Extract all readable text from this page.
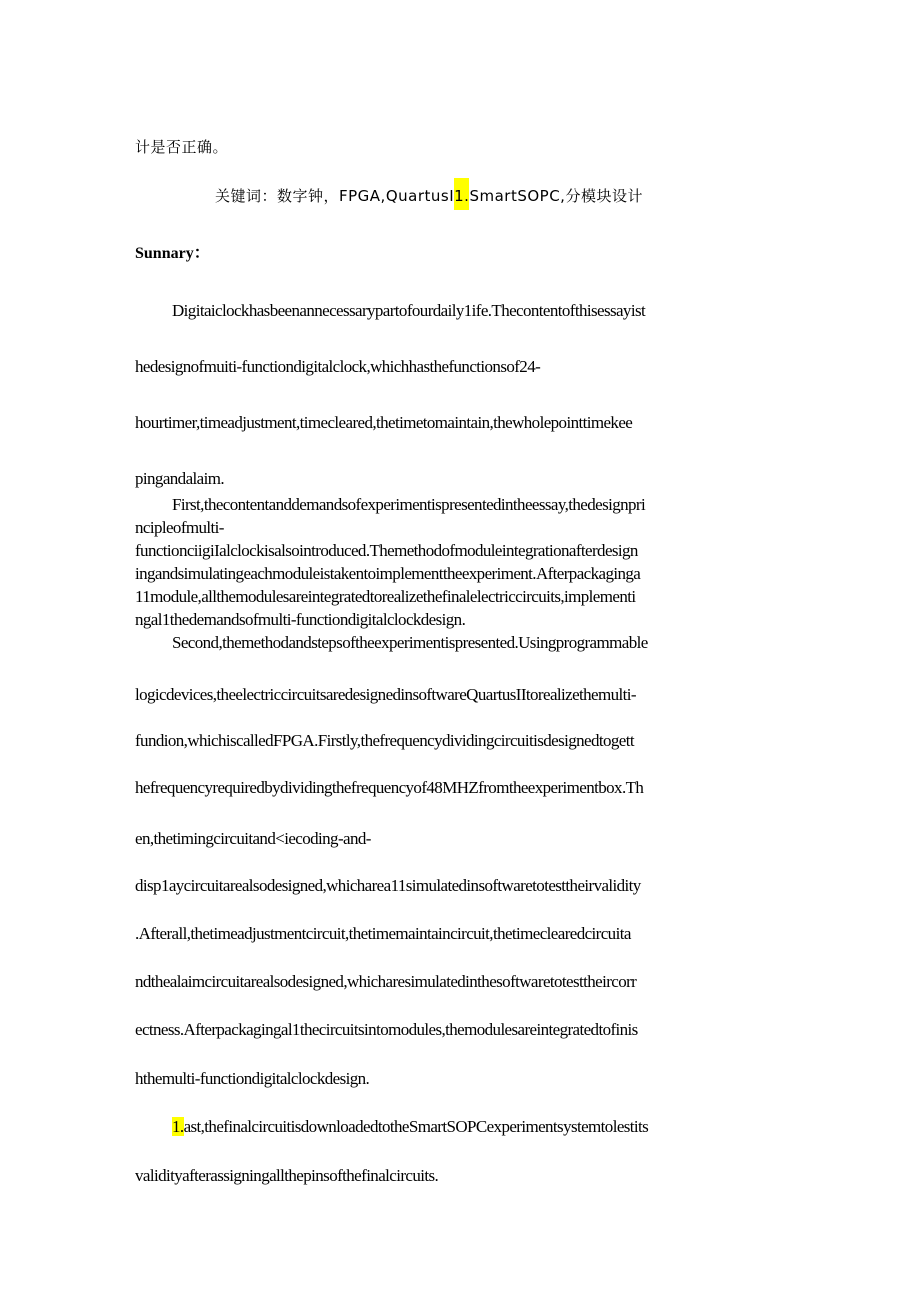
计是否正确。
关键词：数字钟，FPGA,QuartusI1.SmartSOPC,分模块设计
Sunnary：
Digitaiclockhasbeenannecessarypartofourdaily1ife.Thecontentofthisessayist
hedesignofmuiti-functiondigitalclock,whichhasthefunctionsof24-
hourtimer,timeadjustment,timecleared,thetimetomaintain,thewholepointtimekee
pingandalaim.
First,thecontentanddemandsofexperimentispresentedintheessay,thedesignpri
ncipleofmulti-
functionciigiIalclockisalsointroduced.Themethodofmoduleintegrationafterdesign
ingandsimulatingeachmoduleistakentoimplementtheexperiment.Afterpackaginga
11module,allthemodulesareintegratedtorealizethefinalelectriccircuits,implementi
ngal1thedemandsofmulti-functiondigitalclockdesign.
Second,themethodandstepsoftheexperimentispresented.Usingprogrammable
logicdevices,theelectriccircuitsaredesignedinsoftwareQuartusIItorealizethemulti-
fundion,whichiscalledFPGA.Firstly,thefrequencydividingcircuitisdesignedtogett
hefrequencyrequiredbydividingthefrequencyof48MHZfromtheexperimentbox.Th
en,thetimingcircuitand<iecoding-and-
disp1aycircuitarealsodesigned,whicharea11simulatedinsoftwaretotesttheirvalidity
.Afterall,thetimeadjustmentcircuit,thetimemaintaincircuit,thetimeclearedcircuita
ndthealaimcircuitarealsodesigned,whicharesimulatedinthesoftwaretotesttheircorr
ectness.Afterpackagingal1thecircuitsintomodules,themodulesareintegratedtofinis
hthemulti-functiondigitalclockdesign.
1.ast,thefinalcircuitisdownloadedtotheSmartSOPCexperimentsystemtolestits
validityafterassigningallthepinsofthefinalcircuits.
